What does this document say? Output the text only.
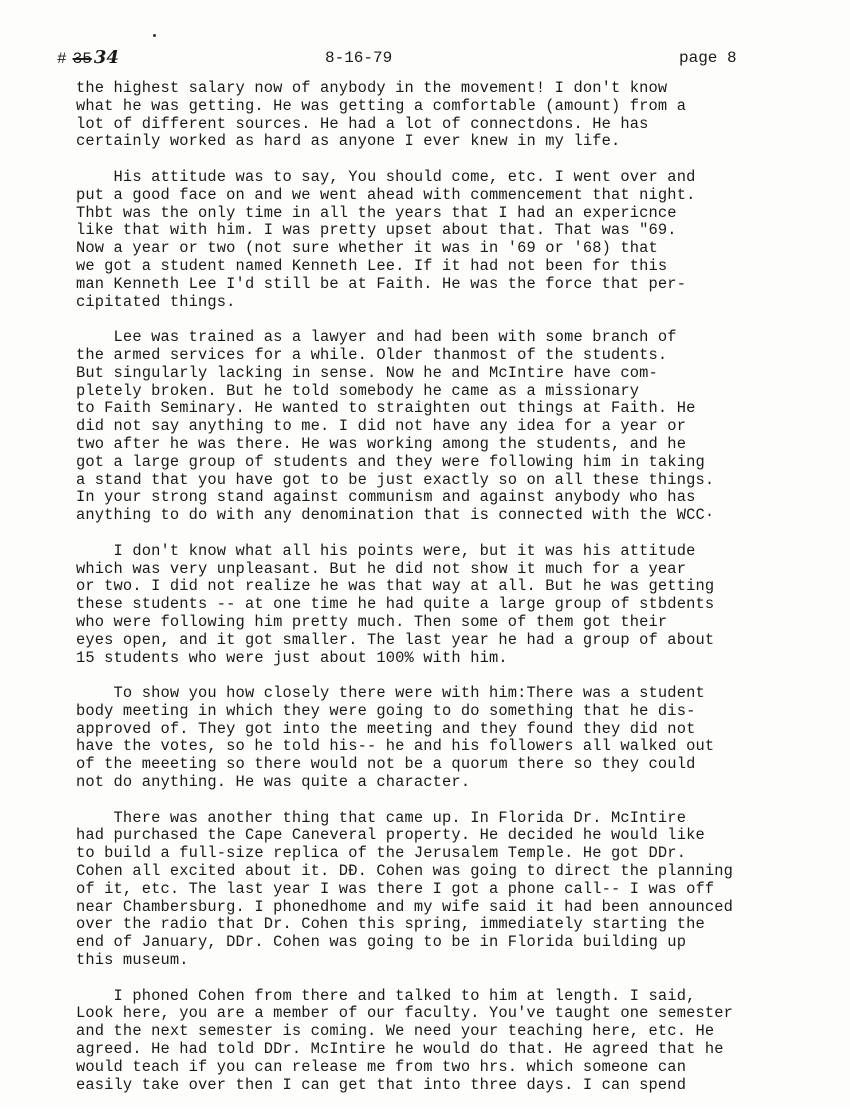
# 35 34	8-16-79	page 8
the highest salary now of anybody in the movement! I don't know
what he was getting. He was getting a comfortable (amount) from a
lot of different sources. He had a lot of connectdons. He has
certainly worked as hard as anyone I ever knew in my life.
His attitude was to say, You should come, etc. I went over and
put a good face on and we went ahead with commencement that night.
Thbt was the only time in all the years that I had an expericnce
like that with him. I was pretty upset about that. That was "69.
Now a year or two (not sure whether it was in '69 or '68) that
we got a student named Kenneth Lee. If it had not been for this
man Kenneth Lee I'd still be at Faith. He was the force that per-
cipitated things.
Lee was trained as a lawyer and had been with some branch of
the armed services for a while. Older thanmost of the students.
But singularly lacking in sense. Now he and McIntire have com-
pletely broken. But he told somebody he came as a missionary
to Faith Seminary. He wanted to straighten out things at Faith. He
did not say anything to me. I did not have any idea for a year or
two after he was there. He was working among the students, and he
got a large group of students and they were following him in taking
a stand that you have got to be just exactly so on all these things.
In your strong stand against communism and against anybody who has
anything to do with any denomination that is connected with the WCC·
I don't know what all his points were, but it was his attitude
which was very unpleasant. But he did not show it much for a year
or two. I did not realize he was that way at all. But he was getting
these students -- at one time he had quite a large group of stbdents
who were following him pretty much. Then some of them got their
eyes open, and it got smaller. The last year he had a group of about
15 students who were just about 100% with him.
To show you how closely there were with him:There was a student
body meeting in which they were going to do something that he dis-
approved of. They got into the meeting and they found they did not
have the votes, so he told his-- he and his followers all walked out
of the meeeting so there would not be a quorum there so they could
not do anything. He was quite a character.
There was another thing that came up. In Florida Dr. McIntire
had purchased the Cape Caneveral property. He decided he would like
to build a full-size replica of the Jerusalem Temple. He got DDr.
Cohen all excited about it. DÐ. Cohen was going to direct the planning
of it, etc. The last year I was there I got a phone call-- I was off
near Chambersburg. I phonedhome and my wife said it had been announced
over the radio that Dr. Cohen this spring, immediately starting the
end of January, DDr. Cohen was going to be in Florida building up
this museum.
I phoned Cohen from there and talked to him at length. I said,
Look here, you are a member of our faculty. You've taught one semester
and the next semester is coming. We need your teaching here, etc. He
agreed. He had told DDr. McIntire he would do that. He agreed that he
would teach if you can release me from two hrs. which someone can
easily take over then I can get that into three days. I can spend
